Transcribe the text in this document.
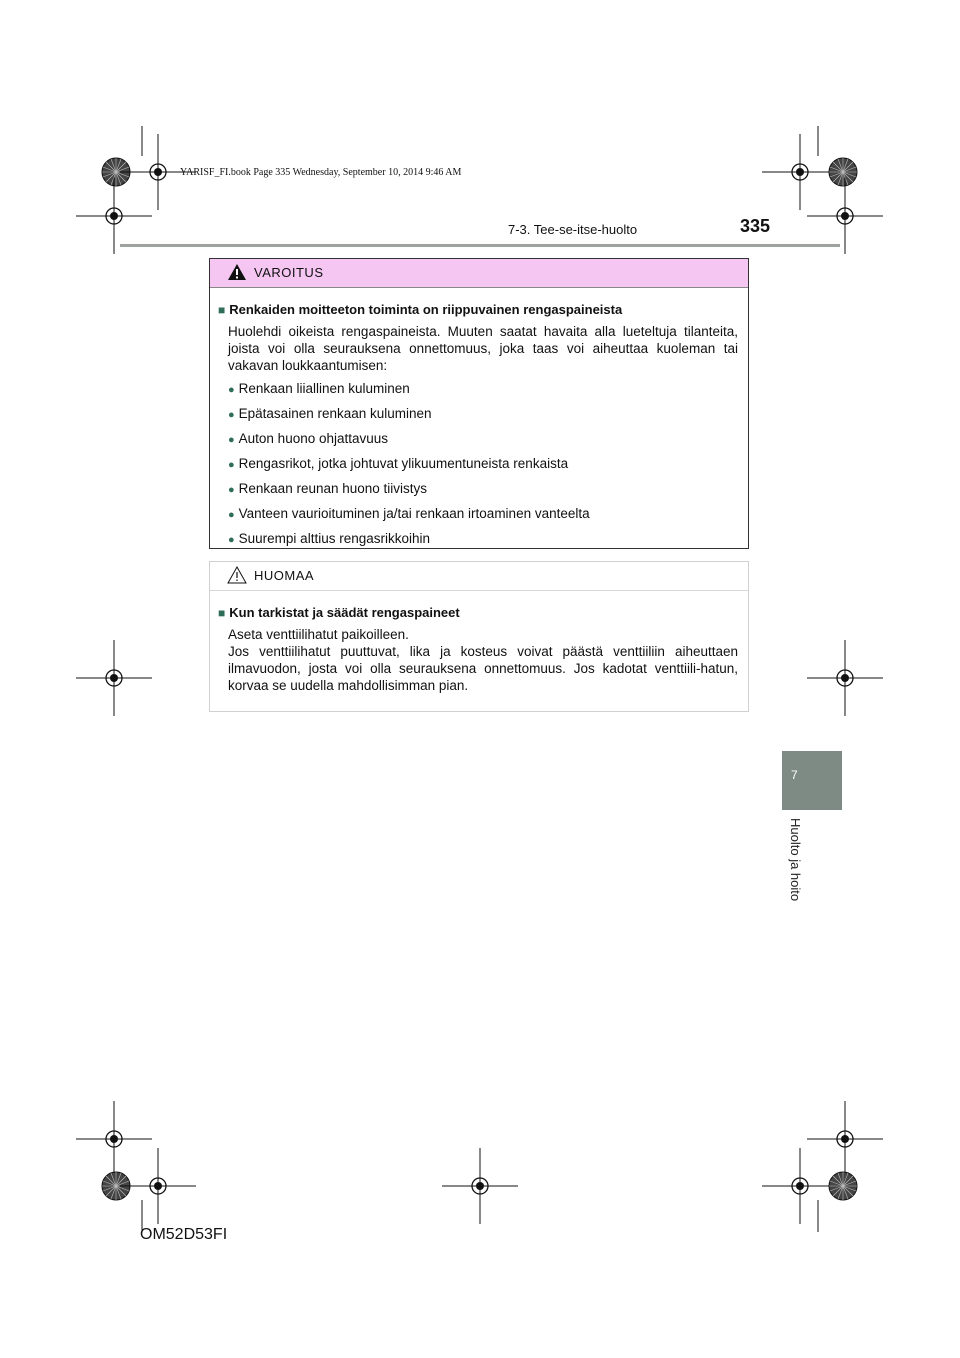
YARISF_FI.book Page 335 Wednesday, September 10, 2014 9:46 AM
7-3. Tee-se-itse-huolto	335
7
Huolto ja hoito
VAROITUS
■ Renkaiden moitteeton toiminta on riippuvainen rengaspaineista
Huolehdi oikeista rengaspaineista. Muuten saatat havaita alla lueteltuja tilanteita, joista voi olla seurauksena onnettomuus, joka taas voi aiheuttaa kuoleman tai vakavan loukkaantumisen:
● Renkaan liiallinen kuluminen
● Epätasainen renkaan kuluminen
● Auton huono ohjattavuus
● Rengasrikot, jotka johtuvat ylikuumentuneista renkaista
● Renkaan reunan huono tiivistys
● Vanteen vaurioituminen ja/tai renkaan irtoaminen vanteelta
● Suurempi alttius rengasrikkoihin
HUOMAA
■ Kun tarkistat ja säädät rengaspaineet
Aseta venttiilihatut paikoilleen.
Jos venttiilihatut puuttuvat, lika ja kosteus voivat päästä venttiiliin aiheuttaen ilmavuodon, josta voi olla seurauksena onnettomuus. Jos kadotat venttiili-hatun, korvaa se uudella mahdollisimman pian.
OM52D53FI
